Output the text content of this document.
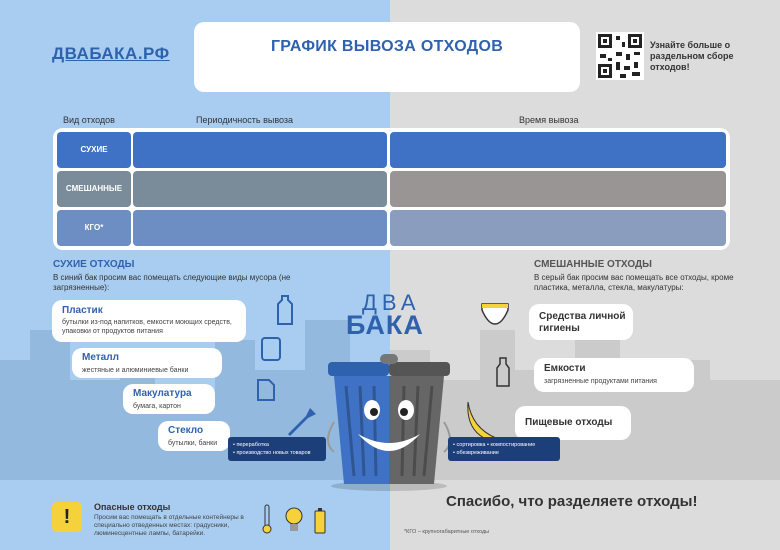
ДВАБАКА.РФ	ГРАФИК ВЫВОЗА ОТХОДОВ	Узнайте больше о раздельном сборе отходов!
Вид отходов	Периодичность вывоза	Время вывоза
СУХИЕ
СМЕШАННЫЕ
КГО*
СУХИЕ ОТХОДЫ
В синий бак просим вас помещать следующие виды мусора (не загрязненные):
Пластик
бутылки из-под напитков, емкости моющих средств, упаковки от продуктов питания
Металл
жестяные и алюминиевые банки
Макулатура
бумага, картон
Стекло
бутылки, банки
СМЕШАННЫЕ ОТХОДЫ
В серый бак просим вас помещать все отходы, кроме пластика, металла, стекла, макулатуры:
Средства личной гигиены
Емкости
загрязненные продуктами питания
Пищевые отходы
ДВА
БАКА
• переработка
• производство новых товаров
• сортировка • компостирование
• обезвреживание
!	Опасные отходы
Просим вас помещать в отдельные контейнеры в специально отведенных местах: градусники, люминесцентные лампы, батарейки.
Спасибо, что разделяете отходы!
*КГО – крупногабаритные отходы
